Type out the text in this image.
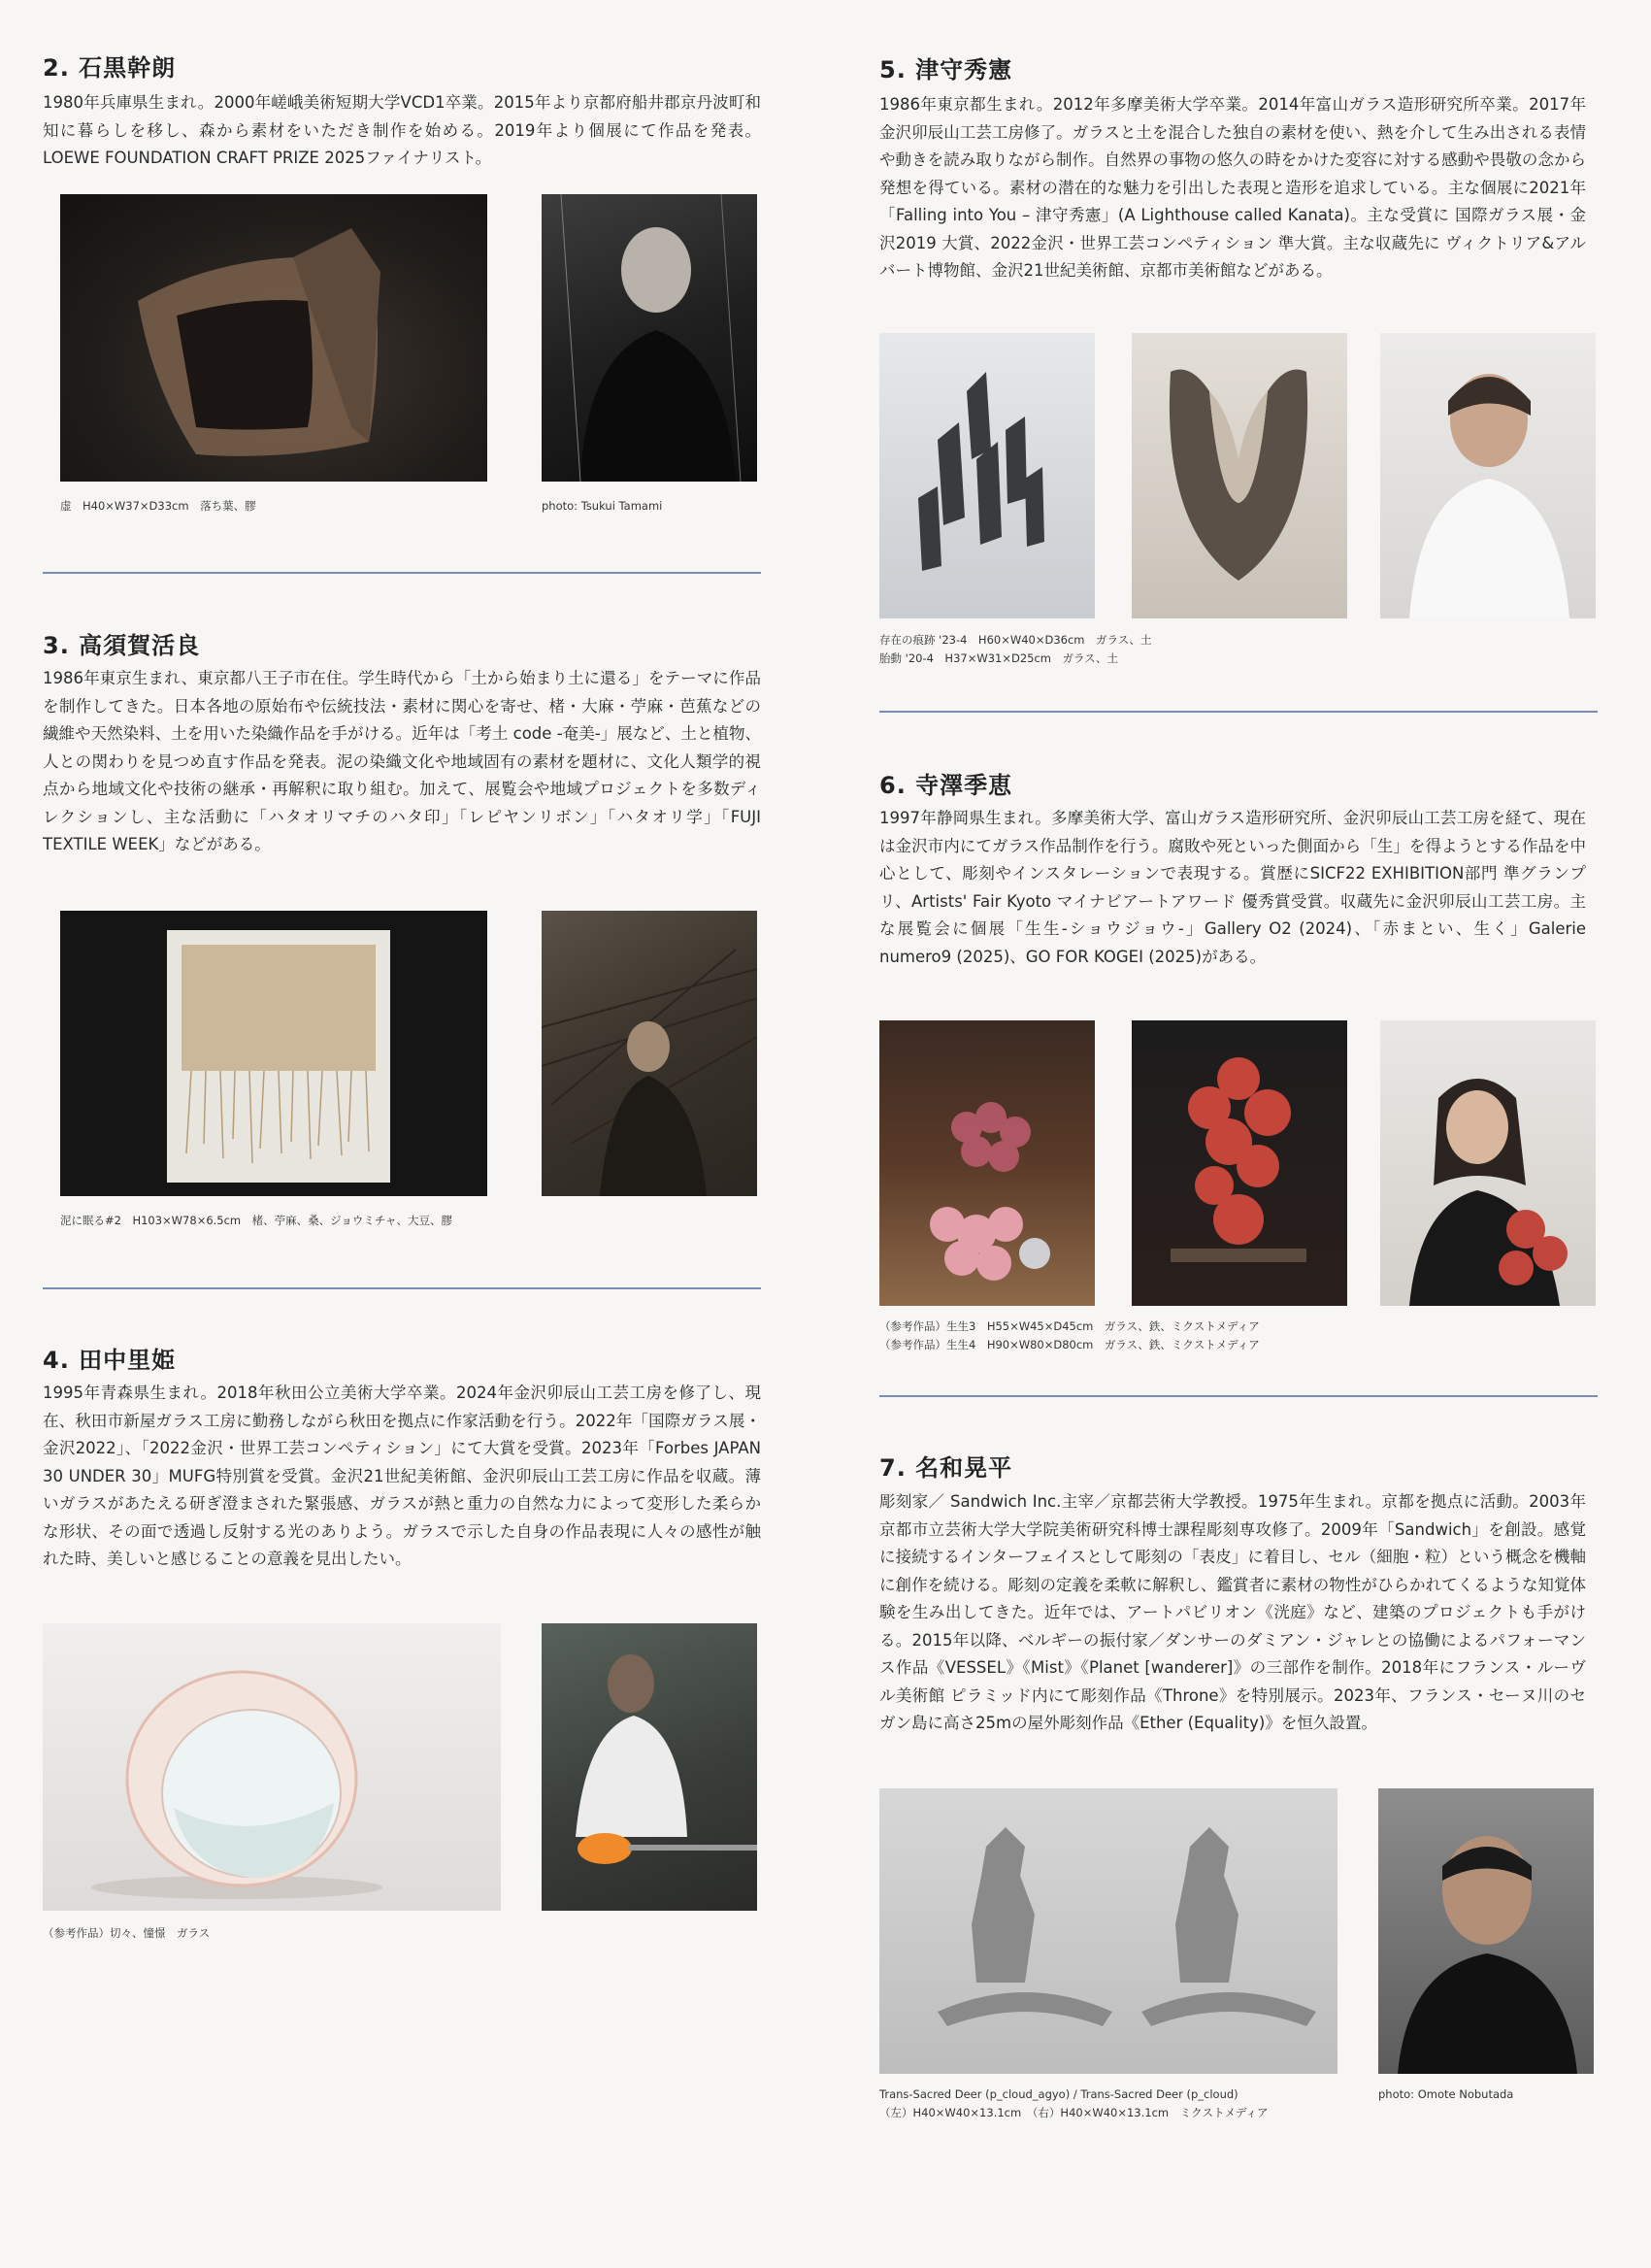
2. 石黒幹朗

1980年兵庫県生まれ。2000年嵯峨美術短期大学VCD1卒業。2015年より京都府船井郡京丹波町和知に暮らしを移し、森から素材をいただき制作を始める。2019年より個展にて作品を発表。LOEWE FOUNDATION CRAFT PRIZE 2025ファイナリスト。

虚　H40×W37×D33cm　落ち葉、膠	photo: Tsukui Tamami

3. 高須賀活良

1986年東京生まれ、東京都八王子市在住。学生時代から「土から始まり土に還る」をテーマに作品を制作してきた。日本各地の原始布や伝統技法・素材に関心を寄せ、楮・大麻・苧麻・芭蕉などの繊維や天然染料、土を用いた染織作品を手がける。近年は「考土 code -奄美-」展など、土と植物、人との関わりを見つめ直す作品を発表。泥の染織文化や地域固有の素材を題材に、文化人類学的視点から地域文化や技術の継承・再解釈に取り組む。加えて、展覧会や地域プロジェクトを多数ディレクションし、主な活動に「ハタオリマチのハタ印」「レピヤンリボン」「ハタオリ学」「FUJI TEXTILE WEEK」などがある。

泥に眠る#2　H103×W78×6.5cm　楮、苧麻、桑、ジョウミチャ、大豆、膠

4. 田中里姫

1995年青森県生まれ。2018年秋田公立美術大学卒業。2024年金沢卯辰山工芸工房を修了し、現在、秋田市新屋ガラス工房に勤務しながら秋田を拠点に作家活動を行う。2022年「国際ガラス展・金沢2022」、「2022金沢・世界工芸コンペティション」にて大賞を受賞。2023年「Forbes JAPAN 30 UNDER 30」MUFG特別賞を受賞。金沢21世紀美術館、金沢卯辰山工芸工房に作品を収蔵。薄いガラスがあたえる研ぎ澄まされた緊張感、ガラスが熱と重力の自然な力によって変形した柔らかな形状、その面で透過し反射する光のありよう。ガラスで示した自身の作品表現に人々の感性が触れた時、美しいと感じることの意義を見出したい。

（参考作品）切々、憧憬　ガラス

5. 津守秀憲

1986年東京都生まれ。2012年多摩美術大学卒業。2014年富山ガラス造形研究所卒業。2017年金沢卯辰山工芸工房修了。ガラスと土を混合した独自の素材を使い、熱を介して生み出される表情や動きを読み取りながら制作。自然界の事物の悠久の時をかけた変容に対する感動や畏敬の念から発想を得ている。素材の潜在的な魅力を引出した表現と造形を追求している。主な個展に2021年「Falling into You – 津守秀憲」(A Lighthouse called Kanata)。主な受賞に 国際ガラス展・金沢2019 大賞、2022金沢・世界工芸コンペティション 準大賞。主な収蔵先に ヴィクトリア&アルバート博物館、金沢21世紀美術館、京都市美術館などがある。

存在の痕跡 '23-4　H60×W40×D36cm　ガラス、土

胎動 '20-4　H37×W31×D25cm　ガラス、土

6. 寺澤季恵

1997年静岡県生まれ。多摩美術大学、富山ガラス造形研究所、金沢卯辰山工芸工房を経て、現在は金沢市内にてガラス作品制作を行う。腐敗や死といった側面から「生」を得ようとする作品を中心として、彫刻やインスタレーションで表現する。賞歴にSICF22 EXHIBITION部門 準グランプリ、Artists' Fair Kyoto マイナビアートアワード 優秀賞受賞。収蔵先に金沢卯辰山工芸工房。主な展覧会に個展「生生-ショウジョウ-」Gallery O2 (2024)、「赤まとい、生く」Galerie numero9 (2025)、GO FOR KOGEI (2025)がある。

（参考作品）生生3　H55×W45×D45cm　ガラス、鉄、ミクストメディア

（参考作品）生生4　H90×W80×D80cm　ガラス、鉄、ミクストメディア

7. 名和晃平

彫刻家／ Sandwich Inc.主宰／京都芸術大学教授。1975年生まれ。京都を拠点に活動。2003年京都市立芸術大学大学院美術研究科博士課程彫刻専攻修了。2009年「Sandwich」を創設。感覚に接続するインターフェイスとして彫刻の「表皮」に着目し、セル（細胞・粒）という概念を機軸に創作を続ける。彫刻の定義を柔軟に解釈し、鑑賞者に素材の物性がひらかれてくるような知覚体験を生み出してきた。近年では、アートパビリオン《洸庭》など、建築のプロジェクトも手がける。2015年以降、ベルギーの振付家／ダンサーのダミアン・ジャレとの協働によるパフォーマンス作品《VESSEL》《Mist》《Planet [wanderer]》の三部作を制作。2018年にフランス・ルーヴル美術館 ピラミッド内にて彫刻作品《Throne》を特別展示。2023年、フランス・セーヌ川のセガン島に高さ25mの屋外彫刻作品《Ether (Equality)》を恒久設置。

Trans-Sacred Deer (p_cloud_agyo) / Trans-Sacred Deer (p_cloud)

（左）H40×W40×13.1cm　（右）H40×W40×13.1cm　ミクストメディア

photo: Omote Nobutada
